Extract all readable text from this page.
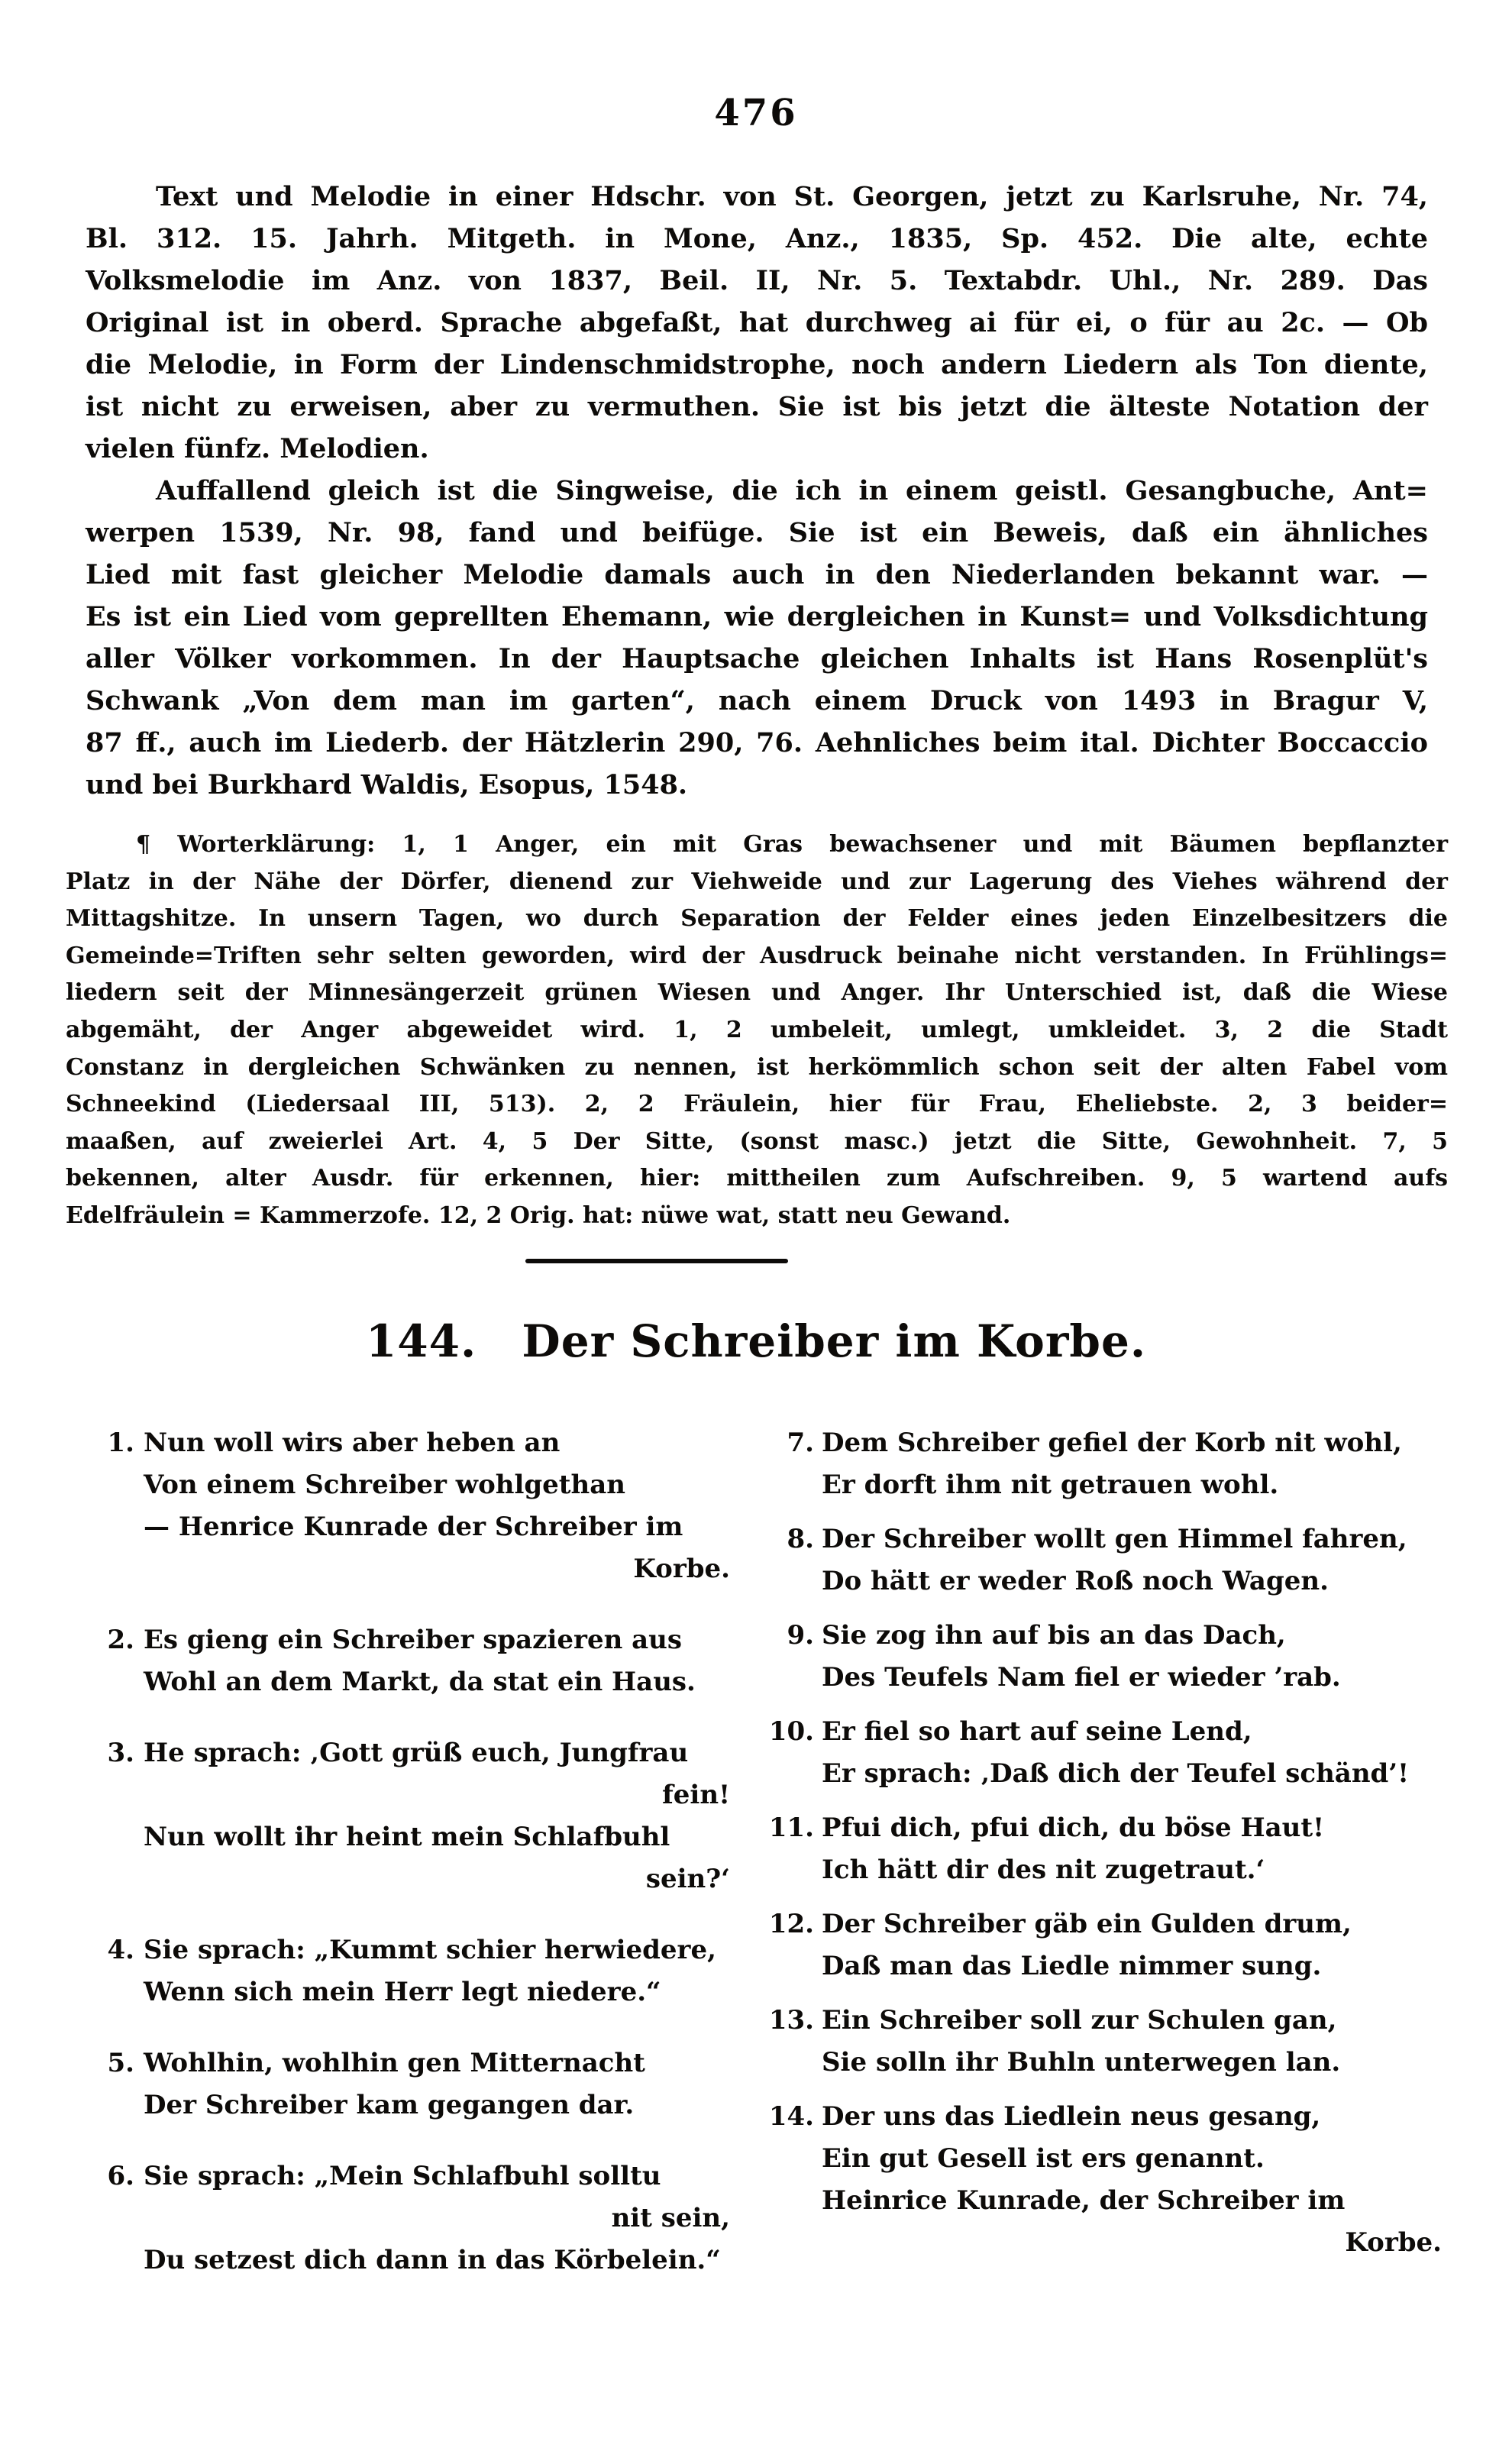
476
Text und Melodie in einer Hdschr. von St. Georgen, jetzt zu Karlsruhe, Nr. 74,
Bl. 312. 15. Jahrh. Mitgeth. in Mone, Anz., 1835, Sp. 452. Die alte, echte
Volksmelodie im Anz. von 1837, Beil. II, Nr. 5. Textabdr. Uhl., Nr. 289. Das
Original ist in oberd. Sprache abgefaßt, hat durchweg ai für ei, o für au 2c. — Ob
die Melodie, in Form der Lindenschmidstrophe, noch andern Liedern als Ton diente,
ist nicht zu erweisen, aber zu vermuthen. Sie ist bis jetzt die älteste Notation der
vielen fünfz. Melodien.
Auffallend gleich ist die Singweise, die ich in einem geistl. Gesangbuche, Ant=
werpen 1539, Nr. 98, fand und beifüge. Sie ist ein Beweis, daß ein ähnliches
Lied mit fast gleicher Melodie damals auch in den Niederlanden bekannt war. —
Es ist ein Lied vom geprellten Ehemann, wie dergleichen in Kunst= und Volksdichtung
aller Völker vorkommen. In der Hauptsache gleichen Inhalts ist Hans Rosenplüt's
Schwank „Von dem man im garten“, nach einem Druck von 1493 in Bragur V,
87 ff., auch im Liederb. der Hätzlerin 290, 76. Aehnliches beim ital. Dichter Boccaccio
und bei Burkhard Waldis, Esopus, 1548.
¶ Worterklärung: 1, 1 Anger, ein mit Gras bewachsener und mit Bäumen bepflanzter
Platz in der Nähe der Dörfer, dienend zur Viehweide und zur Lagerung des Viehes während der
Mittagshitze. In unsern Tagen, wo durch Separation der Felder eines jeden Einzelbesitzers die
Gemeinde=Triften sehr selten geworden, wird der Ausdruck beinahe nicht verstanden. In Frühlings=
liedern seit der Minnesängerzeit grünen Wiesen und Anger. Ihr Unterschied ist, daß die Wiese
abgemäht, der Anger abgeweidet wird. 1, 2 umbeleit, umlegt, umkleidet. 3, 2 die Stadt
Constanz in dergleichen Schwänken zu nennen, ist herkömmlich schon seit der alten Fabel vom
Schneekind (Liedersaal III, 513). 2, 2 Fräulein, hier für Frau, Eheliebste. 2, 3 beider=
maaßen, auf zweierlei Art. 4, 5 Der Sitte, (sonst masc.) jetzt die Sitte, Gewohnheit. 7, 5
bekennen, alter Ausdr. für erkennen, hier: mittheilen zum Aufschreiben. 9, 5 wartend aufs
Edelfräulein = Kammerzofe. 12, 2 Orig. hat: nüwe wat, statt neu Gewand.
144. Der Schreiber im Korbe.
1. Nun woll wirs aber heben an
Von einem Schreiber wohlgethan
— Henrice Kunrade der Schreiber im
Korbe.
2. Es gieng ein Schreiber spazieren aus
Wohl an dem Markt, da stat ein Haus.
3. He sprach: ‚Gott grüß euch, Jungfrau
fein!
Nun wollt ihr heint mein Schlafbuhl
sein?‘
4. Sie sprach: „Kummt schier herwiedere,
Wenn sich mein Herr legt niedere.“
5. Wohlhin, wohlhin gen Mitternacht
Der Schreiber kam gegangen dar.
6. Sie sprach: „Mein Schlafbuhl solltu
nit sein,
Du setzest dich dann in das Körbelein.“
7. Dem Schreiber gefiel der Korb nit wohl,
Er dorft ihm nit getrauen wohl.
8. Der Schreiber wollt gen Himmel fahren,
Do hätt er weder Roß noch Wagen.
9. Sie zog ihn auf bis an das Dach,
Des Teufels Nam fiel er wieder ’rab.
10. Er fiel so hart auf seine Lend,
Er sprach: ‚Daß dich der Teufel schänd’!
11. Pfui dich, pfui dich, du böse Haut!
Ich hätt dir des nit zugetraut.‘
12. Der Schreiber gäb ein Gulden drum,
Daß man das Liedle nimmer sung.
13. Ein Schreiber soll zur Schulen gan,
Sie solln ihr Buhln unterwegen lan.
14. Der uns das Liedlein neus gesang,
Ein gut Gesell ist ers genannt.
Heinrice Kunrade, der Schreiber im
Korbe.
